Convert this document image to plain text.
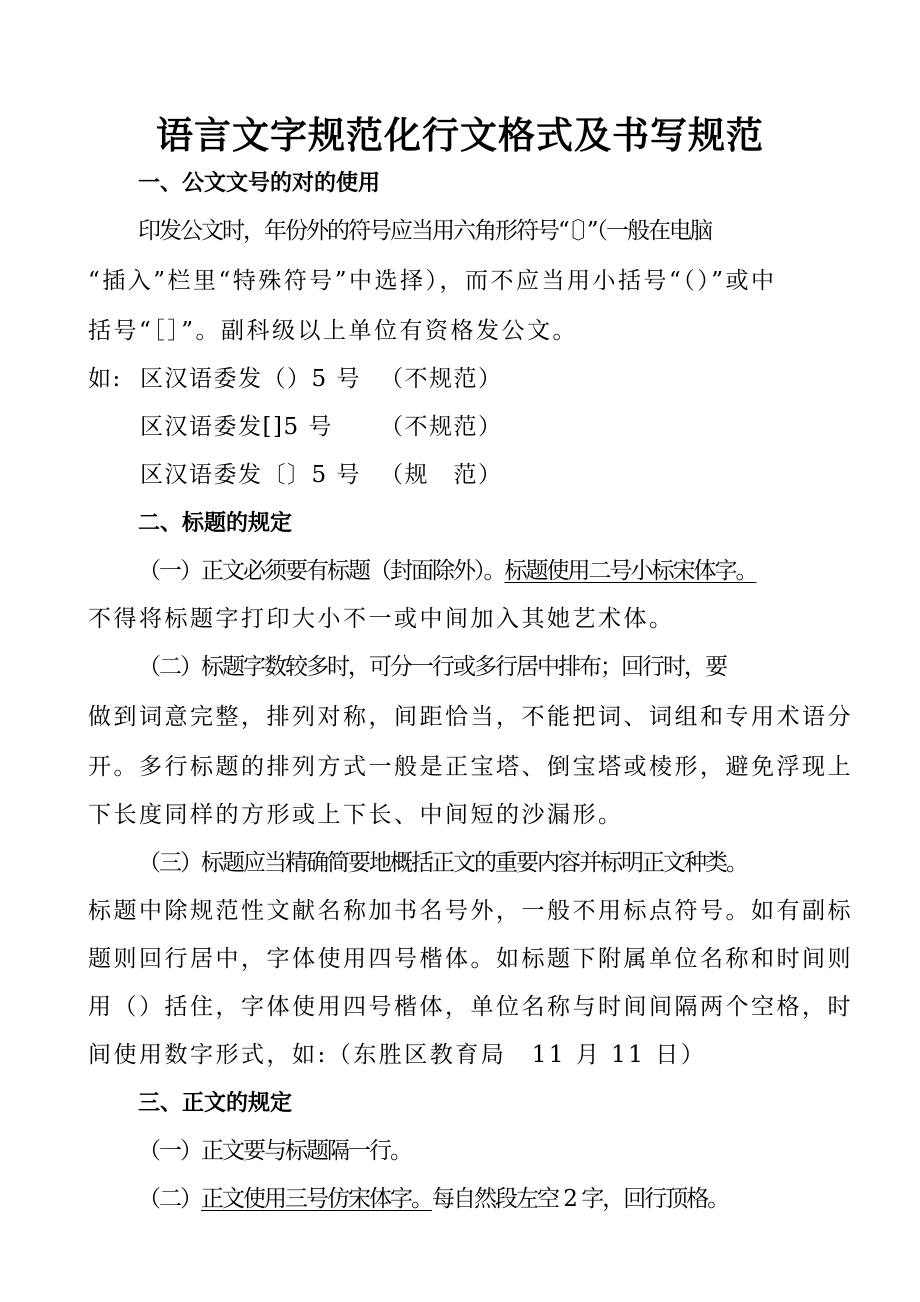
语言文字规范化行文格式及书写规范
一、公文文号的对的使用
印发公文时，年份外的符号应当用六角形符号“〔〕”（一般在电脑
“插入”栏里“特殊符号”中选择），而不应当用小括号“（）”或中
括号“［］”。副科级以上单位有资格发公文。
如: 区汉语委发（）5 号 （不规范）
区汉语委发[]5 号 （不规范）
区汉语委发〔〕5 号 （规　范）
二、标题的规定
（一）正文必须要有标题（封面除外）。标题使用二号小标宋体字。
不得将标题字打印大小不一或中间加入其她艺术体。
（二）标题字数较多时，可分一行或多行居中排布；回行时，要
做到词意完整，排列对称，间距恰当，不能把词、词组和专用术语分
开。多行标题的排列方式一般是正宝塔、倒宝塔或棱形，避免浮现上
下长度同样的方形或上下长、中间短的沙漏形。
（三）标题应当精确简要地概括正文的重要内容并标明正文种类。
标题中除规范性文献名称加书名号外，一般不用标点符号。如有副标
题则回行居中，字体使用四号楷体。如标题下附属单位名称和时间则
用（）括住，字体使用四号楷体，单位名称与时间间隔两个空格，时
间使用数字形式，如:（东胜区教育局　11 月 11 日）
三、正文的规定
（一）正文要与标题隔一行。
（二）正文使用三号仿宋体字。每自然段左空 2 字，回行顶格。
